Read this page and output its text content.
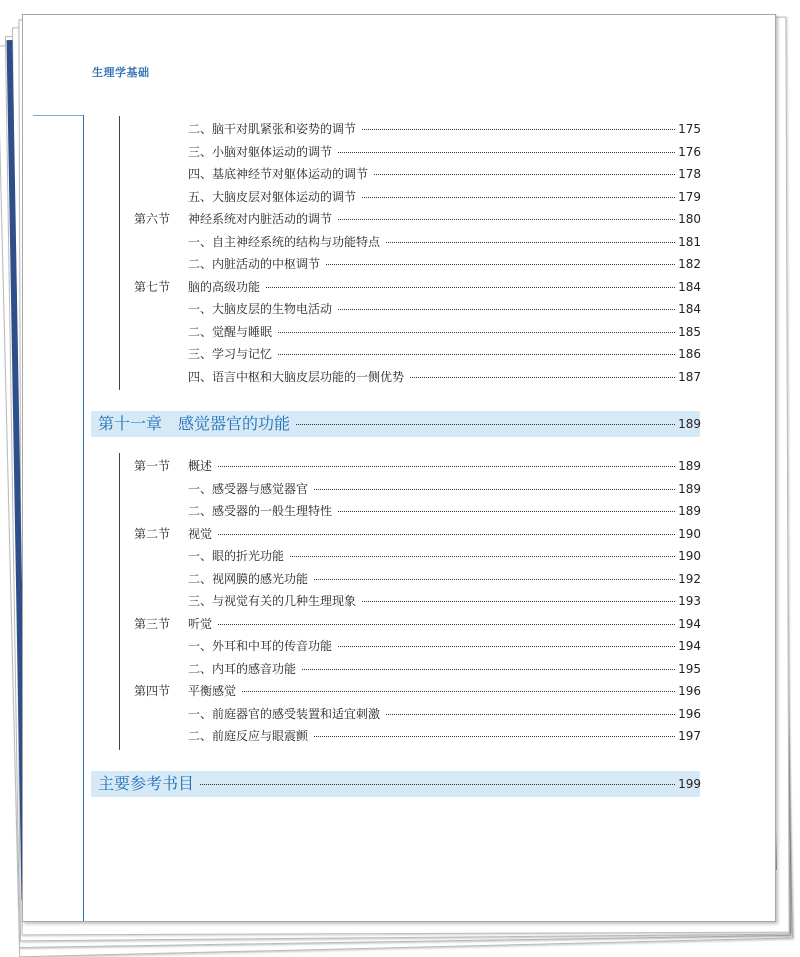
生理学基础
二、脑干对肌紧张和姿势的调节	175
三、小脑对躯体运动的调节	176
四、基底神经节对躯体运动的调节	178
五、大脑皮层对躯体运动的调节	179
第六节 神经系统对内脏活动的调节	180
一、自主神经系统的结构与功能特点	181
二、内脏活动的中枢调节	182
第七节 脑的高级功能	184
一、大脑皮层的生物电活动	184
二、觉醒与睡眠	185
三、学习与记忆	186
四、语言中枢和大脑皮层功能的一侧优势	187
第十一章　感觉器官的功能	189
第一节 概述	189
一、感受器与感觉器官	189
二、感受器的一般生理特性	189
第二节 视觉	190
一、眼的折光功能	190
二、视网膜的感光功能	192
三、与视觉有关的几种生理现象	193
第三节 听觉	194
一、外耳和中耳的传音功能	194
二、内耳的感音功能	195
第四节 平衡感觉	196
一、前庭器官的感受装置和适宜刺激	196
二、前庭反应与眼震颤	197
主要参考书目	199
